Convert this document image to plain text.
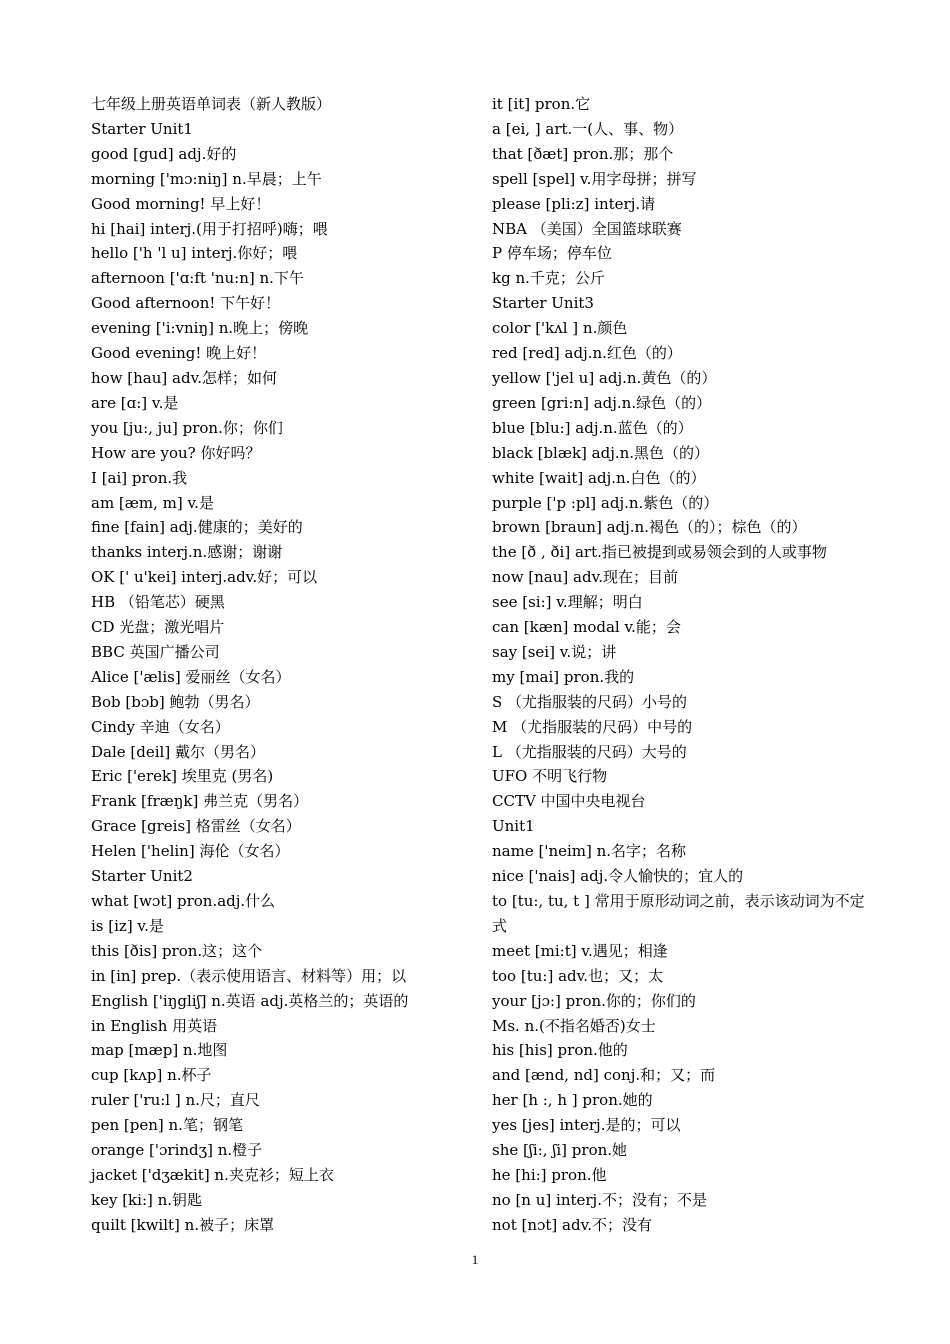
七年级上册英语单词表（新人教版）
Starter Unit1
good [gud] adj.好的
morning ['mɔ:niŋ] n.早晨；上午
Good morning! 早上好！
hi [hai] interj.(用于打招呼)嗨；喂
hello ['h 'l u] interj.你好；喂
afternoon ['ɑ:ft 'nu:n] n.下午
Good afternoon! 下午好！
evening ['i:vniŋ] n.晚上；傍晚
Good evening! 晚上好！
how [hau] adv.怎样；如何
are [ɑ:] v.是
you [ju:, ju] pron.你；你们
How are you? 你好吗？
I [ai] pron.我
am [æm, m] v.是
fine [fain] adj.健康的；美好的
thanks interj.n.感谢；谢谢
OK [' u'kei] interj.adv.好；可以
HB （铅笔芯）硬黑
CD 光盘；激光唱片
BBC 英国广播公司
Alice ['ælis] 爱丽丝（女名）
Bob [bɔb] 鲍勃（男名）
Cindy 辛迪（女名）
Dale [deil] 戴尔（男名）
Eric ['erek] 埃里克 (男名)
Frank [fræŋk] 弗兰克（男名）
Grace [greis] 格雷丝（女名）
Helen ['helin] 海伦（女名）
Starter Unit2
what [wɔt] pron.adj.什么
is [iz] v.是
this [ðis] pron.这；这个
in [in] prep.（表示使用语言、材料等）用；以
English ['iŋgliʃ] n.英语 adj.英格兰的；英语的
in English 用英语
map [mæp] n.地图
cup [kʌp] n.杯子
ruler ['ru:l ] n.尺；直尺
pen [pen] n.笔；钢笔
orange ['ɔrindʒ] n.橙子
jacket ['dʒækit] n.夹克衫；短上衣
key [ki:] n.钥匙
quilt [kwilt] n.被子；床罩
it [it] pron.它
a [ei, ] art.一(人、事、物）
that [ðæt] pron.那；那个
spell [spel] v.用字母拼；拼写
please [pli:z] interj.请
NBA （美国）全国篮球联赛
P 停车场；停车位
kg n.千克；公斤
Starter Unit3
color ['kʌl ] n.颜色
red [red] adj.n.红色（的）
yellow ['jel u] adj.n.黄色（的）
green [gri:n] adj.n.绿色（的）
blue [blu:] adj.n.蓝色（的）
black [blæk] adj.n.黑色（的）
white [wait] adj.n.白色（的）
purple ['p :pl] adj.n.紫色（的）
brown [braun] adj.n.褐色（的）；棕色（的）
the [ð , ði] art.指已被提到或易领会到的人或事物
now [nau] adv.现在；目前
see [si:] v.理解；明白
can [kæn] modal v.能；会
say [sei] v.说；讲
my [mai] pron.我的
S （尤指服装的尺码）小号的
M （尤指服装的尺码）中号的
L （尤指服装的尺码）大号的
UFO 不明飞行物
CCTV 中国中央电视台
Unit1
name ['neim] n.名字；名称
nice ['nais] adj.令人愉快的；宜人的
to [tu:, tu, t ] 常用于原形动词之前，表示该动词为不定式
meet [mi:t] v.遇见；相逢
too [tu:] adv.也；又；太
your [jɔ:] pron.你的；你们的
Ms. n.(不指名婚否)女士
his [his] pron.他的
and [ænd, nd] conj.和；又；而
her [h :, h ] pron.她的
yes [jes] interj.是的；可以
she [ʃi:, ʃi] pron.她
he [hi:] pron.他
no [n u] interj.不；没有；不是
not [nɔt] adv.不；没有
1
